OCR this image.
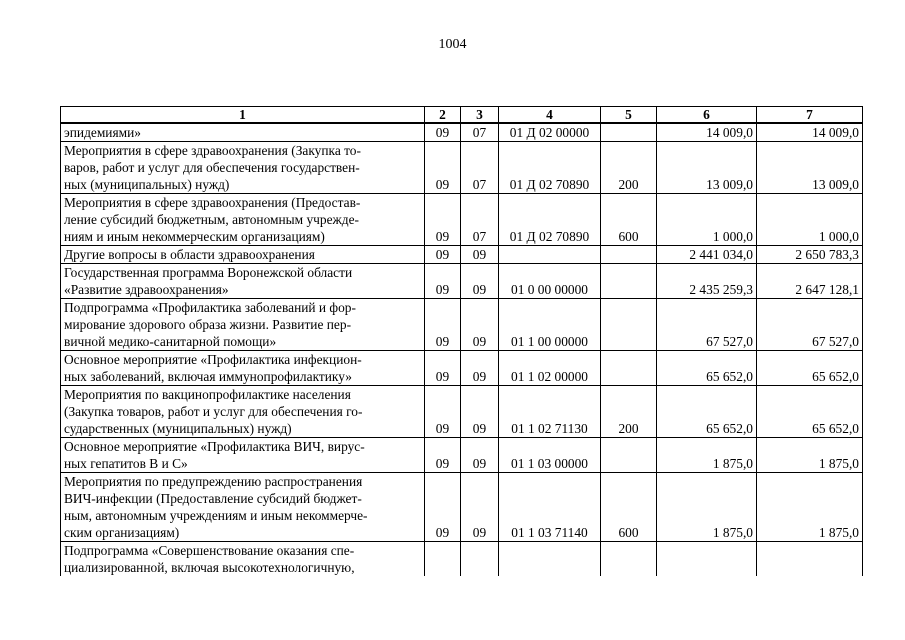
1004
1	2	3	4	5	6	7
эпидемиями»	09	07	01 Д 02 00000		14 009,0	14 009,0
Мероприятия в сфере здравоохранения (Закупка то-
варов, работ и услуг для обеспечения государствен-
ных (муниципальных) нужд)	09	07	01 Д 02 70890	200	13 009,0	13 009,0
Мероприятия в сфере здравоохранения (Предостав-
ление субсидий бюджетным, автономным учрежде-
ниям и иным некоммерческим организациям)	09	07	01 Д 02 70890	600	1 000,0	1 000,0
Другие вопросы в области здравоохранения	09	09			2 441 034,0	2 650 783,3
Государственная программа Воронежской области
«Развитие здравоохранения»	09	09	01 0 00 00000		2 435 259,3	2 647 128,1
Подпрограмма «Профилактика заболеваний и фор-
мирование здорового образа жизни. Развитие пер-
вичной медико-санитарной помощи»	09	09	01 1 00 00000		67 527,0	67 527,0
Основное мероприятие «Профилактика инфекцион-
ных заболеваний, включая иммунопрофилактику»	09	09	01 1 02 00000		65 652,0	65 652,0
Мероприятия по вакцинопрофилактике населения
(Закупка товаров, работ и услуг для обеспечения го-
сударственных (муниципальных) нужд)	09	09	01 1 02 71130	200	65 652,0	65 652,0
Основное мероприятие «Профилактика ВИЧ, вирус-
ных гепатитов В и С»	09	09	01 1 03 00000		1 875,0	1 875,0
Мероприятия по предупреждению распространения
ВИЧ-инфекции (Предоставление субсидий бюджет-
ным, автономным учреждениям и иным некоммерче-
ским организациям)	09	09	01 1 03 71140	600	1 875,0	1 875,0
Подпрограмма «Совершенствование оказания спе-
циализированной, включая высокотехнологичную,						
